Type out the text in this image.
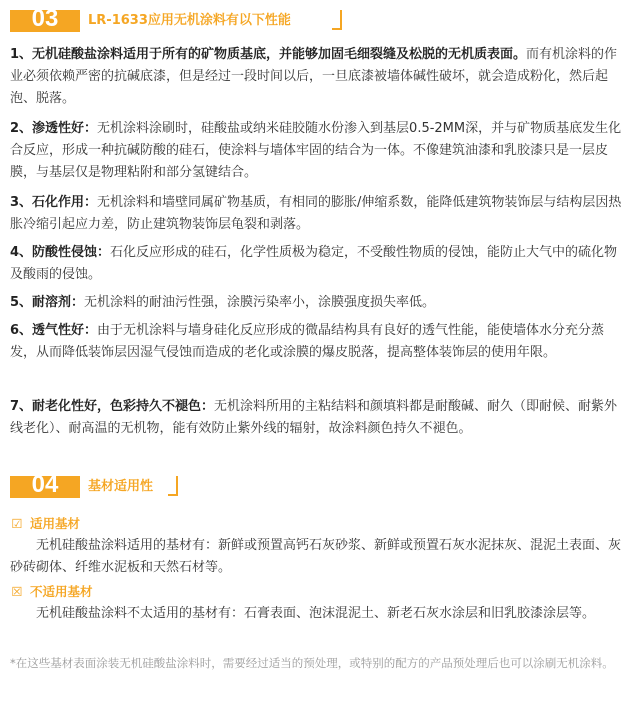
03	LR-1633应用无机涂料有以下性能
1、无机硅酸盐涂料适用于所有的矿物质基底，并能够加固毛细裂缝及松脱的无机质表面。而有机涂料的作业必须依赖严密的抗碱底漆，但是经过一段时间以后，一旦底漆被墙体碱性破坏，就会造成粉化，然后起泡、脱落。
2、渗透性好：无机涂料涂刷时，硅酸盐或纳米硅胶随水份渗入到基层0.5-2MM深，并与矿物质基底发生化合反应，形成一种抗碱防酸的硅石，使涂料与墙体牢固的结合为一体。不像建筑油漆和乳胶漆只是一层皮膜，与基层仅是物理粘附和部分氢键结合。
3、石化作用：无机涂料和墙壁同属矿物基质，有相同的膨胀/伸缩系数，能降低建筑物装饰层与结构层因热胀冷缩引起应力差，防止建筑物装饰层龟裂和剥落。
4、防酸性侵蚀：石化反应形成的硅石，化学性质极为稳定，不受酸性物质的侵蚀，能防止大气中的硫化物及酸雨的侵蚀。
5、耐溶剂：无机涂料的耐油污性强，涂膜污染率小，涂膜强度损失率低。
6、透气性好：由于无机涂料与墙身硅化反应形成的微晶结构具有良好的透气性能，能使墙体水分充分蒸发，从而降低装饰层因湿气侵蚀而造成的老化或涂膜的爆皮脱落，提高整体装饰层的使用年限。
7、耐老化性好，色彩持久不褪色：无机涂料所用的主粘结料和颜填料都是耐酸碱、耐久（即耐候、耐紫外线老化）、耐高温的无机物，能有效防止紫外线的辐射，故涂料颜色持久不褪色。
04	基材适用性
☑ 适用基材
无机硅酸盐涂料适用的基材有：新鲜或预置高钙石灰砂浆、新鲜或预置石灰水泥抹灰、混泥土表面、灰砂砖砌体、纤维水泥板和天然石材等。
☒ 不适用基材
无机硅酸盐涂料不太适用的基材有：石膏表面、泡沫混泥土、新老石灰水涂层和旧乳胶漆涂层等。
*在这些基材表面涂装无机硅酸盐涂料时，需要经过适当的预处理，或特别的配方的产品预处理后也可以涂刷无机涂料。
